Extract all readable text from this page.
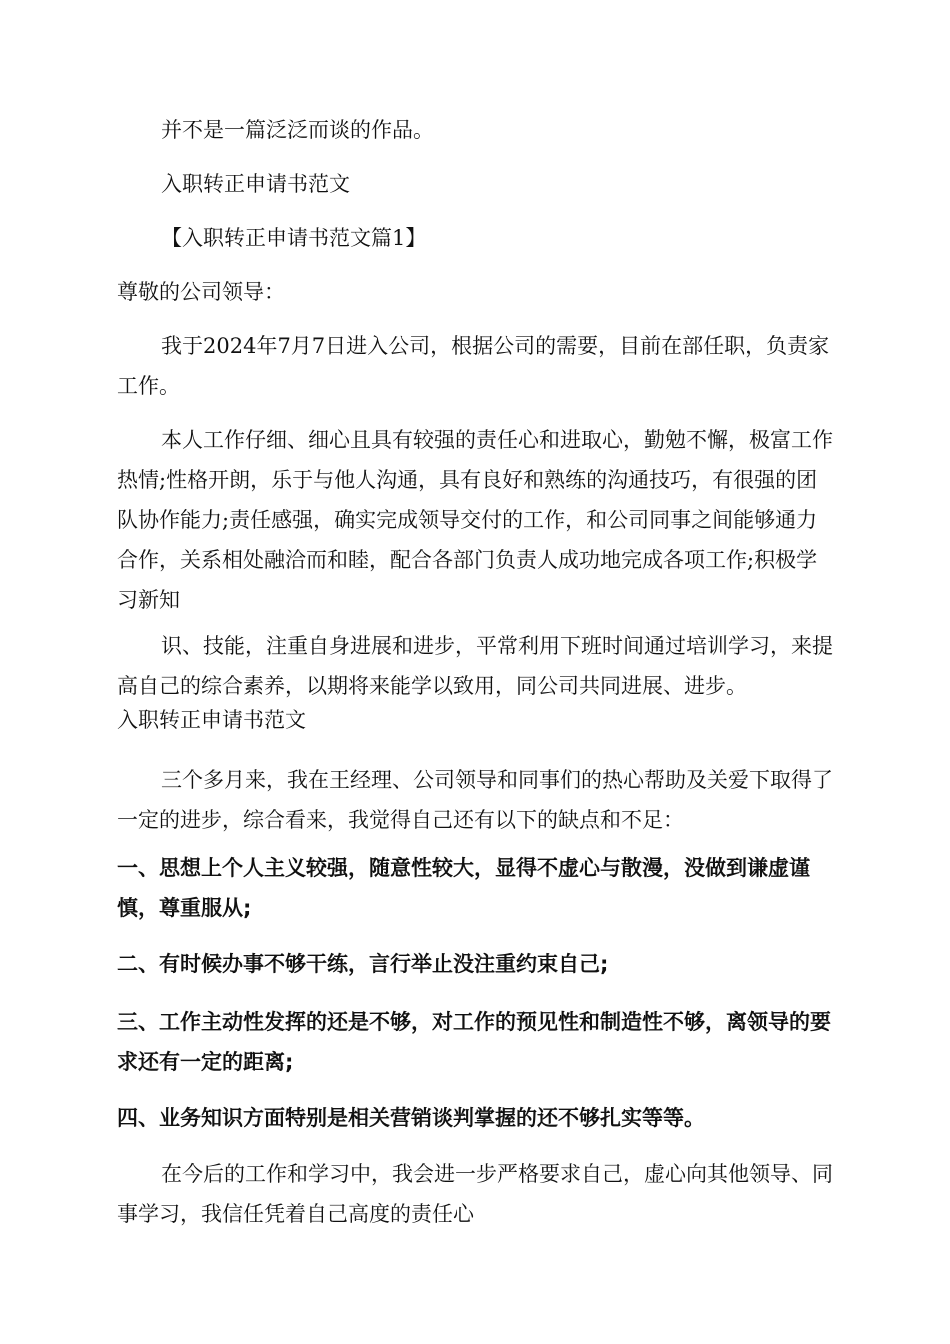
并不是一篇泛泛而谈的作品。

入职转正申请书范文

【入职转正申请书范文篇1】

尊敬的公司领导：

我于2024年7月7日进入公司，根据公司的需要，目前在部任职，负责家工作。

本人工作仔细、细心且具有较强的责任心和进取心，勤勉不懈，极富工作热情;性格开朗，乐于与他人沟通，具有良好和熟练的沟通技巧，有很强的团队协作能力;责任感强，确实完成领导交付的工作，和公司同事之间能够通力合作，关系相处融洽而和睦，配合各部门负责人成功地完成各项工作;积极学习新知

识、技能，注重自身进展和进步，平常利用下班时间通过培训学习，来提高自己的综合素养，以期将来能学以致用，同公司共同进展、进步。

入职转正申请书范文

三个多月来，我在王经理、公司领导和同事们的热心帮助及关爱下取得了一定的进步，综合看来，我觉得自己还有以下的缺点和不足：

一、思想上个人主义较强，随意性较大，显得不虚心与散漫，没做到谦虚谨慎，尊重服从;

二、有时候办事不够干练，言行举止没注重约束自己;

三、工作主动性发挥的还是不够，对工作的预见性和制造性不够，离领导的要求还有一定的距离;

四、业务知识方面特别是相关营销谈判掌握的还不够扎实等等。

在今后的工作和学习中，我会进一步严格要求自己，虚心向其他领导、同事学习，我信任凭着自己高度的责任心
